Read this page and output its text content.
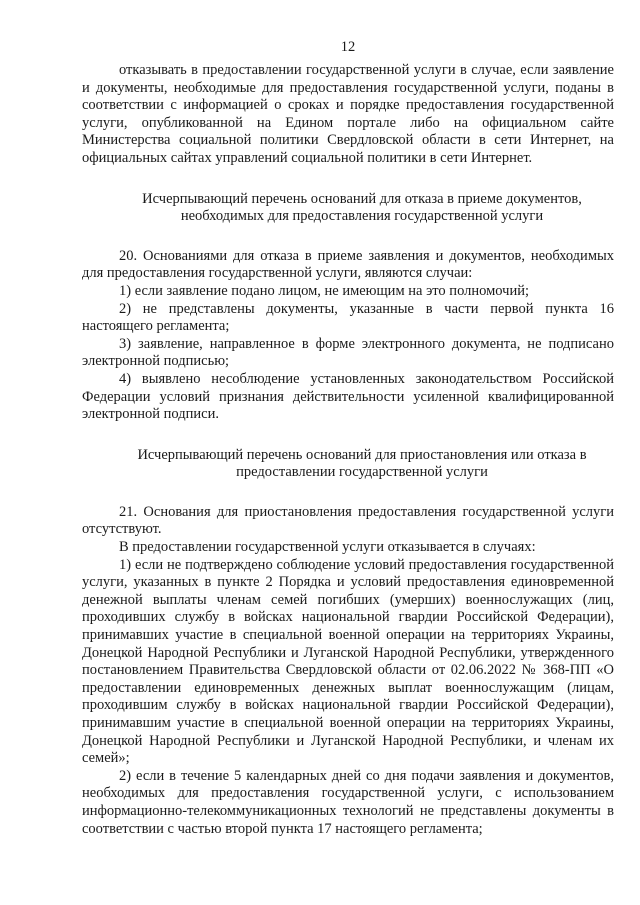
12

отказывать в предоставлении государственной услуги в случае, если заявление и документы, необходимые для предоставления государственной услуги, поданы в соответствии с информацией о сроках и порядке предоставления государственной услуги, опубликованной на Едином портале либо на официальном сайте Министерства социальной политики Свердловской области в сети Интернет, на официальных сайтах управлений социальной политики в сети Интернет.

Исчерпывающий перечень оснований для отказа в приеме документов, необходимых для предоставления государственной услуги

20. Основаниями для отказа в приеме заявления и документов, необходимых для предоставления государственной услуги, являются случаи:

1) если заявление подано лицом, не имеющим на это полномочий;

2) не представлены документы, указанные в части первой пункта 16 настоящего регламента;

3) заявление, направленное в форме электронного документа, не подписано электронной подписью;

4) выявлено несоблюдение установленных законодательством Российской Федерации условий признания действительности усиленной квалифицированной электронной подписи.

Исчерпывающий перечень оснований для приостановления или отказа в предоставлении государственной услуги

21. Основания для приостановления предоставления государственной услуги отсутствуют.

В предоставлении государственной услуги отказывается в случаях:

1) если не подтверждено соблюдение условий предоставления государственной услуги, указанных в пункте 2 Порядка и условий предоставления единовременной денежной выплаты членам семей погибших (умерших) военнослужащих (лиц, проходивших службу в войсках национальной гвардии Российской Федерации), принимавших участие в специальной военной операции на территориях Украины, Донецкой Народной Республики и Луганской Народной Республики, утвержденного постановлением Правительства Свердловской области от 02.06.2022 № 368-ПП «О предоставлении единовременных денежных выплат военнослужащим (лицам, проходившим службу в войсках национальной гвардии Российской Федерации), принимавшим участие в специальной военной операции на территориях Украины, Донецкой Народной Республики и Луганской Народной Республики, и членам их семей»;

2) если в течение 5 календарных дней со дня подачи заявления и документов, необходимых для предоставления государственной услуги, с использованием информационно-телекоммуникационных технологий не представлены документы в соответствии с частью второй пункта 17 настоящего регламента;
